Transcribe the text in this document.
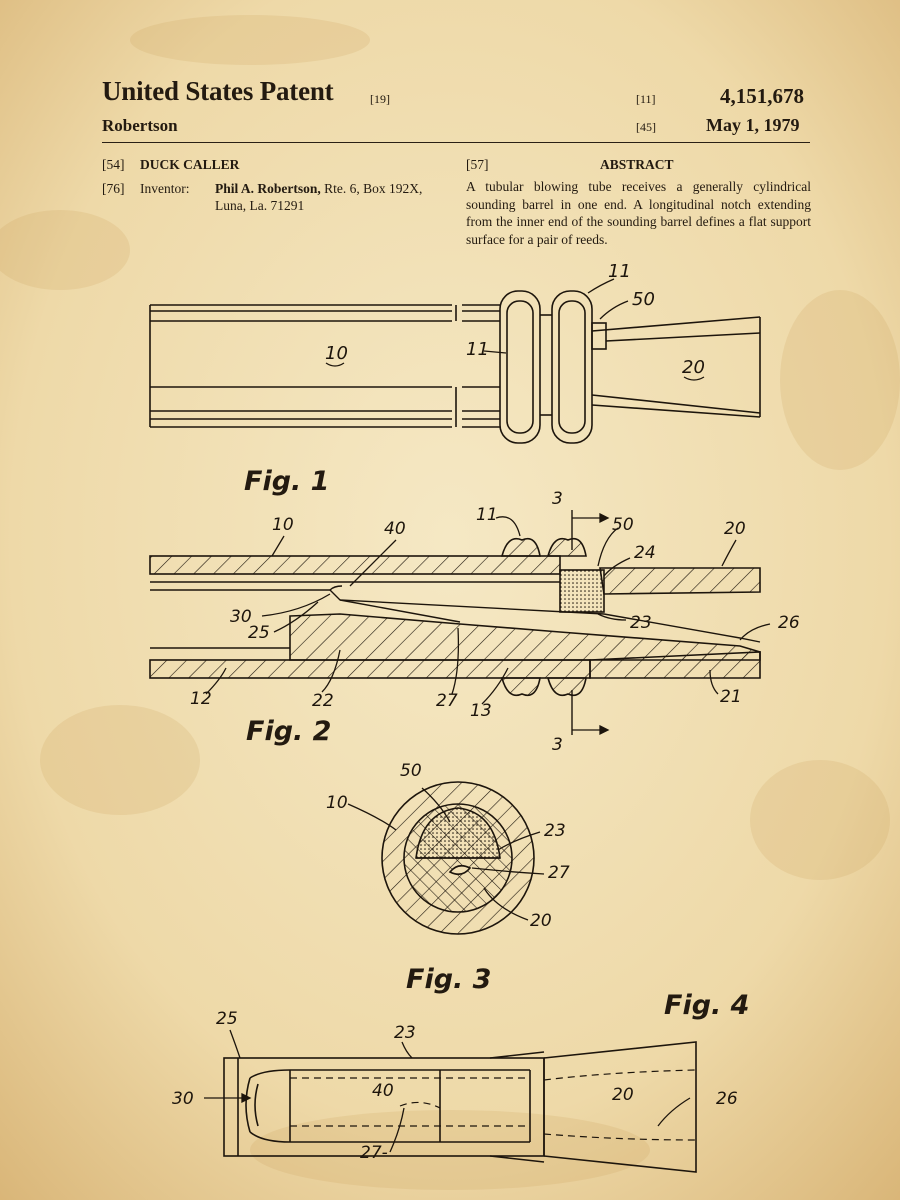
United States Patent	[19]
Robertson
[11]	4,151,678
[45]	May 1, 1979
[54] DUCK CALLER
[76] Inventor: Phil A. Robertson, Rte. 6, Box 192X,
Luna, La. 71291
[57]	ABSTRACT
A tubular blowing tube receives a generally cylindrical sounding barrel in one end. A longitudinal notch extending from the inner end of the sounding barrel defines a flat support surface for a pair of reeds.
10
11
11
50
20
Fig. 1
10	40
11
3
50	20
24
30
25	23	26
12	22	27 13
21
3
Fig. 2
50
10
23
27
20
Fig. 3
Fig. 4
25
23
30	40	20	26
27-
